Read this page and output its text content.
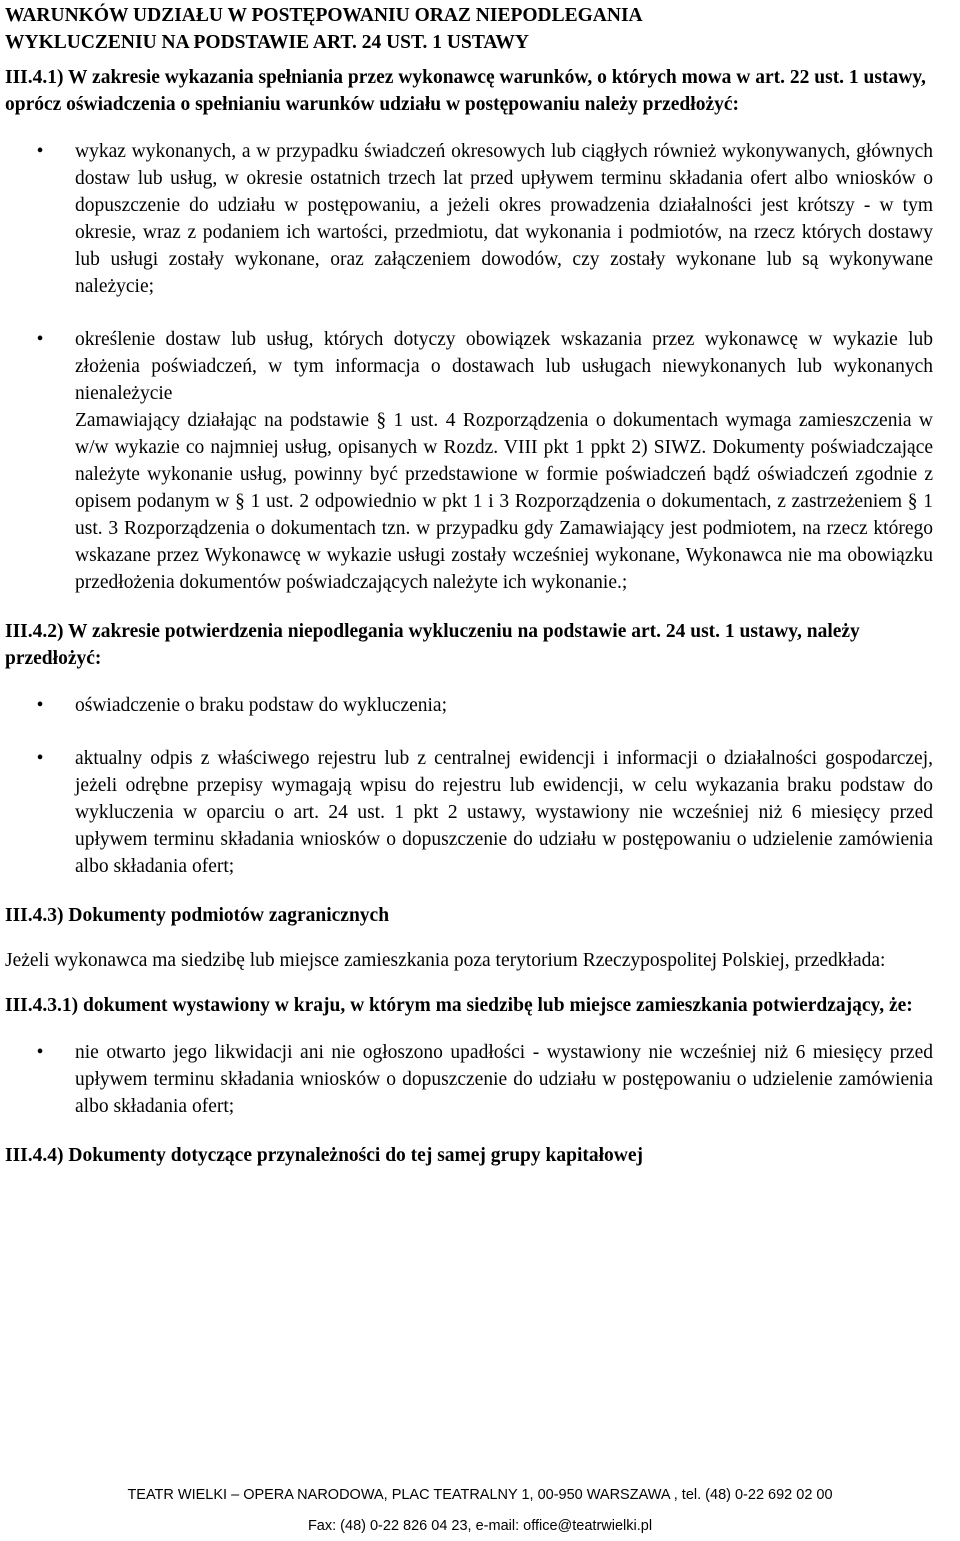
WARUNKÓW UDZIAŁU W POSTĘPOWANIU ORAZ NIEPODLEGANIA

WYKLUCZENIU NA PODSTAWIE ART. 24 UST. 1 USTAWY

III.4.1) W zakresie wykazania spełniania przez wykonawcę warunków, o których mowa w art. 22 ust. 1 ustawy, oprócz oświadczenia o spełnianiu warunków udziału w postępowaniu należy przedłożyć:

• wykaz wykonanych, a w przypadku świadczeń okresowych lub ciągłych również wykonywanych, głównych dostaw lub usług, w okresie ostatnich trzech lat przed upływem terminu składania ofert albo wniosków o dopuszczenie do udziału w postępowaniu, a jeżeli okres prowadzenia działalności jest krótszy - w tym okresie, wraz z podaniem ich wartości, przedmiotu, dat wykonania i podmiotów, na rzecz których dostawy lub usługi zostały wykonane, oraz załączeniem dowodów, czy zostały wykonane lub są wykonywane należycie;
• określenie dostaw lub usług, których dotyczy obowiązek wskazania przez wykonawcę w wykazie lub złożenia poświadczeń, w tym informacja o dostawach lub usługach niewykonanych lub wykonanych nienależycie

Zamawiający działając na podstawie § 1 ust. 4 Rozporządzenia o dokumentach wymaga zamieszczenia w w/w wykazie co najmniej usług, opisanych w Rozdz. VIII pkt 1 ppkt 2) SIWZ. Dokumenty poświadczające należyte wykonanie usług, powinny być przedstawione w formie poświadczeń bądź oświadczeń zgodnie z opisem podanym w § 1 ust. 2 odpowiednio w pkt 1 i 3 Rozporządzenia o dokumentach, z zastrzeżeniem § 1 ust. 3 Rozporządzenia o dokumentach tzn. w przypadku gdy Zamawiający jest podmiotem, na rzecz którego wskazane przez Wykonawcę w wykazie usługi zostały wcześniej wykonane, Wykonawca nie ma obowiązku przedłożenia dokumentów poświadczających należyte ich wykonanie.;

III.4.2) W zakresie potwierdzenia niepodlegania wykluczeniu na podstawie art. 24 ust. 1 ustawy, należy przedłożyć:

• oświadczenie o braku podstaw do wykluczenia;
• aktualny odpis z właściwego rejestru lub z centralnej ewidencji i informacji o działalności gospodarczej, jeżeli odrębne przepisy wymagają wpisu do rejestru lub ewidencji, w celu wykazania braku podstaw do wykluczenia w oparciu o art. 24 ust. 1 pkt 2 ustawy, wystawiony nie wcześniej niż 6 miesięcy przed upływem terminu składania wniosków o dopuszczenie do udziału w postępowaniu o udzielenie zamówienia albo składania ofert;

III.4.3) Dokumenty podmiotów zagranicznych

Jeżeli wykonawca ma siedzibę lub miejsce zamieszkania poza terytorium Rzeczypospolitej Polskiej, przedkłada:

III.4.3.1) dokument wystawiony w kraju, w którym ma siedzibę lub miejsce zamieszkania potwierdzający, że:

• nie otwarto jego likwidacji ani nie ogłoszono upadłości - wystawiony nie wcześniej niż 6 miesięcy przed upływem terminu składania wniosków o dopuszczenie do udziału w postępowaniu o udzielenie zamówienia albo składania ofert;

III.4.4) Dokumenty dotyczące przynależności do tej samej grupy kapitałowej

TEATR WIELKI – OPERA NARODOWA, PLAC TEATRALNY 1, 00-950 WARSZAWA , tel. (48) 0-22 692 02 00
Fax: (48) 0-22 826 04 23, e-mail: office@teatrwielki.pl
